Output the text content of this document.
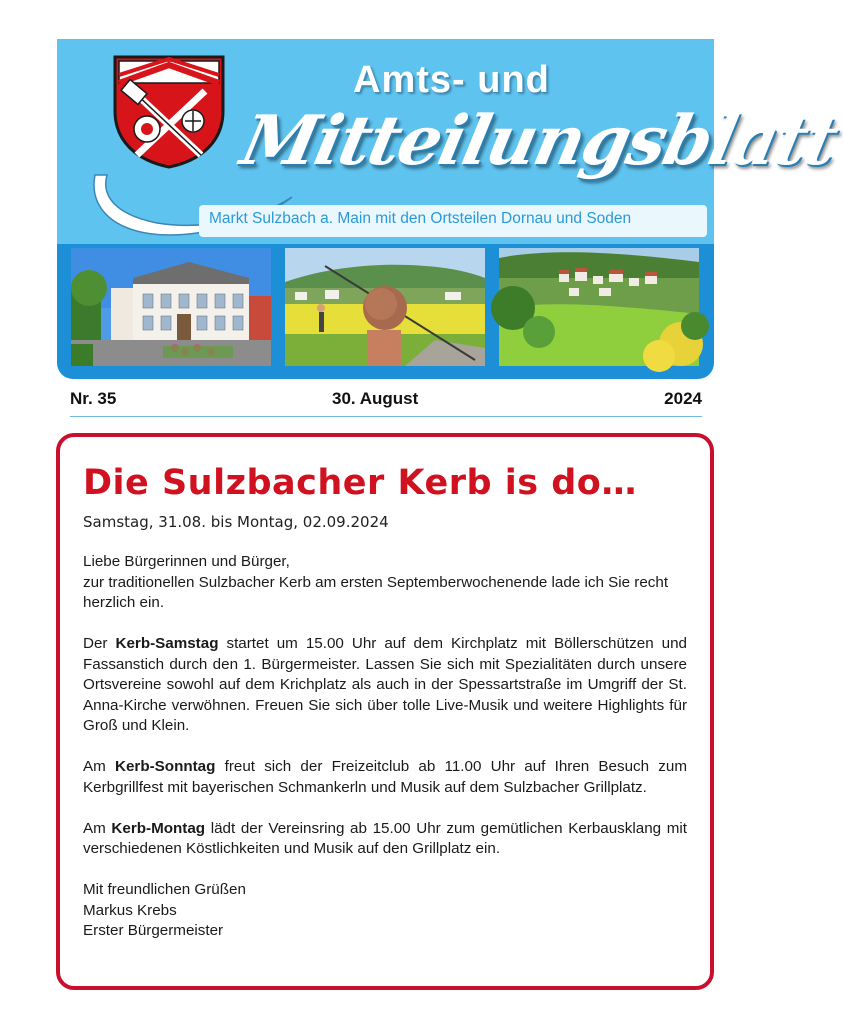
Amts- und
Mitteilungsblatt
Markt Sulzbach a. Main mit den Ortsteilen Dornau und Soden
Nr. 35	30. August	2024
Die Sulzbacher Kerb is do…
Samstag, 31.08. bis Montag, 02.09.2024

Liebe Bürgerinnen und Bürger,
zur traditionellen Sulzbacher Kerb am ersten Septemberwochenende lade ich Sie recht herzlich ein.

Der Kerb-Samstag startet um 15.00 Uhr auf dem Kirchplatz mit Böllerschützen und Fassanstich durch den 1. Bürgermeister. Lassen Sie sich mit Spezialitäten durch unsere Ortsvereine sowohl auf dem Krichplatz als auch in der Spessartstraße im Umgriff der St. Anna-Kirche verwöhnen. Freuen Sie sich über tolle Live-Musik und weitere Highlights für Groß und Klein.

Am Kerb-Sonntag freut sich der Freizeitclub ab 11.00 Uhr auf Ihren Besuch zum Kerbgrillfest mit bayerischen Schmankerln und Musik auf dem Sulzbacher Grillplatz.

Am Kerb-Montag lädt der Vereinsring ab 15.00 Uhr zum gemütlichen Kerbausklang mit verschiedenen Köstlichkeiten und Musik auf den Grillplatz ein.

Mit freundlichen Grüßen
Markus Krebs
Erster Bürgermeister
